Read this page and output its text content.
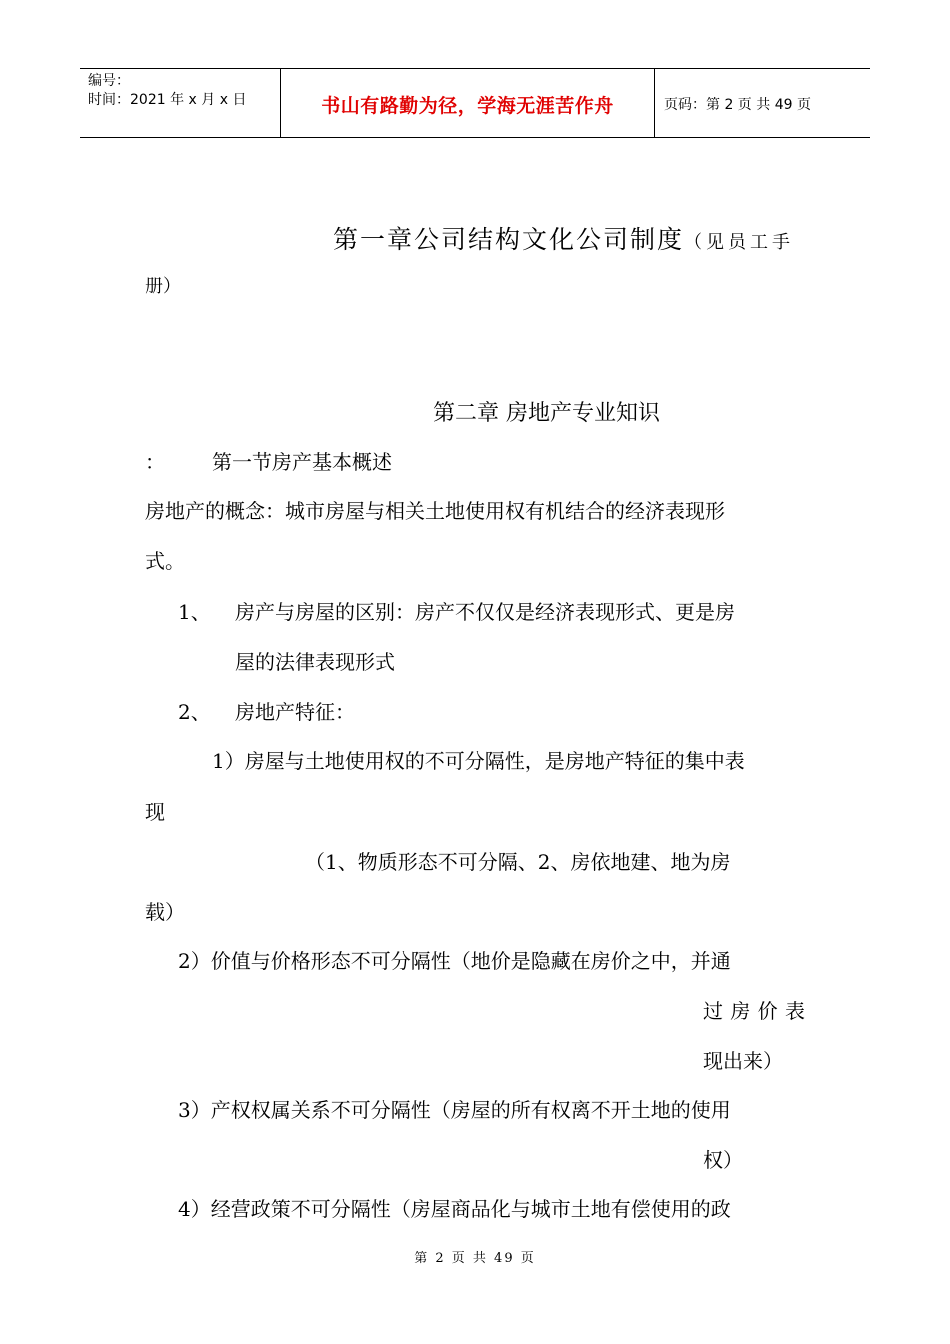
编号：
时间：2021 年 x 月 x 日	书山有路勤为径，学海无涯苦作舟	页码：第 2 页 共 49 页
第一章公司结构文化公司制度（见员工手
册）
第二章 房地产专业知识
： 第一节房产基本概述
房地产的概念：城市房屋与相关土地使用权有机结合的经济表现形
式。
1、 房产与房屋的区别：房产不仅仅是经济表现形式、更是房
屋的法律表现形式
2、 房地产特征：
1）房屋与土地使用权的不可分隔性，是房地产特征的集中表
现
（1、物质形态不可分隔、2、房依地建、地为房
载）
2）价值与价格形态不可分隔性（地价是隐藏在房价之中，并通
过房价表
现出来）
3）产权权属关系不可分隔性（房屋的所有权离不开土地的使用
权）
4）经营政策不可分隔性（房屋商品化与城市土地有偿使用的政
第 2 页 共 49 页
